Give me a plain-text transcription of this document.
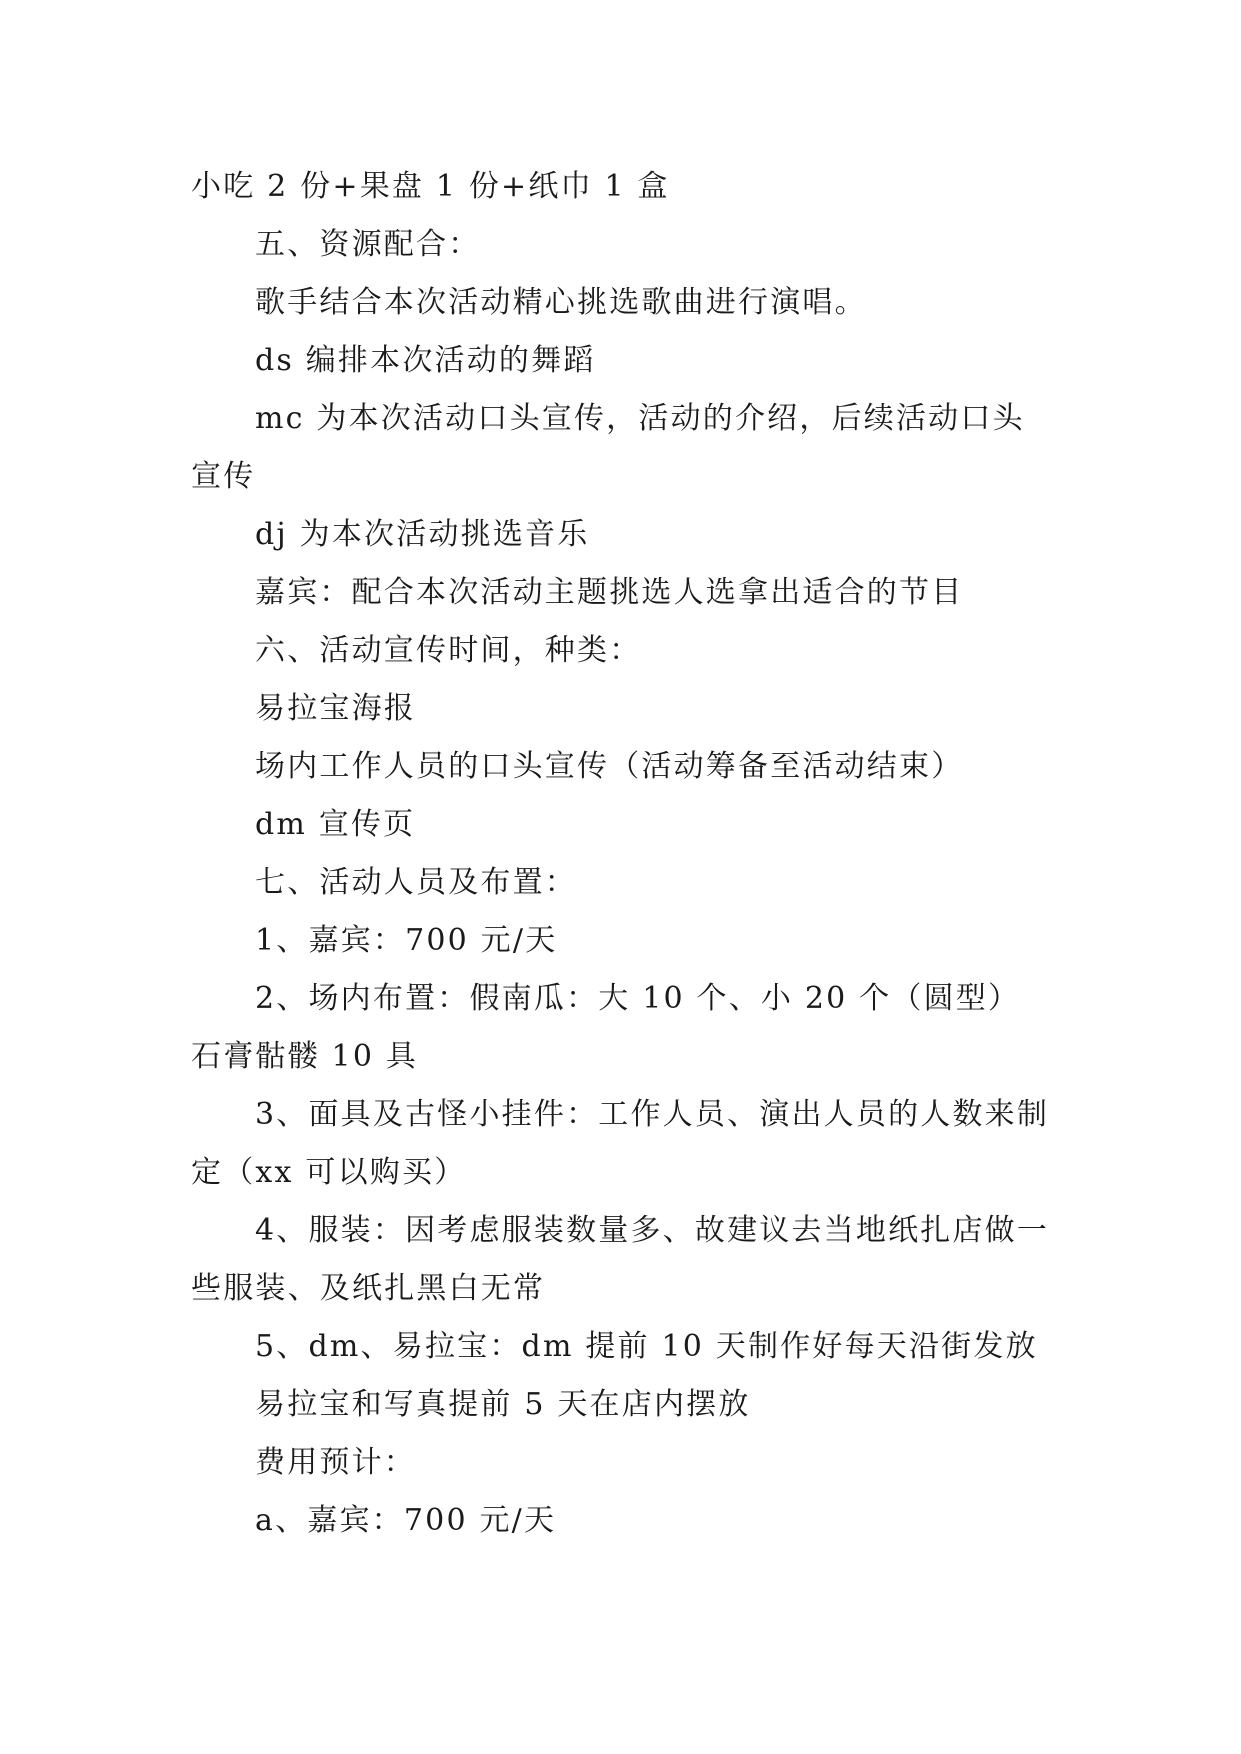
小吃 2 份+果盘 1 份+纸巾 1 盒

五、资源配合：

歌手结合本次活动精心挑选歌曲进行演唱。

ds 编排本次活动的舞蹈

mc 为本次活动口头宣传，活动的介绍，后续活动口头宣传

dj 为本次活动挑选音乐

嘉宾：配合本次活动主题挑选人选拿出适合的节目

六、活动宣传时间，种类：

易拉宝海报

场内工作人员的口头宣传（活动筹备至活动结束）

dm 宣传页

七、活动人员及布置：

1、嘉宾：700 元/天

2、场内布置：假南瓜：大 10 个、小 20 个（圆型）石膏骷髅 10 具

3、面具及古怪小挂件：工作人员、演出人员的人数来制定（xx 可以购买）

4、服装：因考虑服装数量多、故建议去当地纸扎店做一些服装、及纸扎黑白无常

5、dm、易拉宝：dm 提前 10 天制作好每天沿街发放

易拉宝和写真提前 5 天在店内摆放

费用预计：

a、嘉宾：700 元/天
